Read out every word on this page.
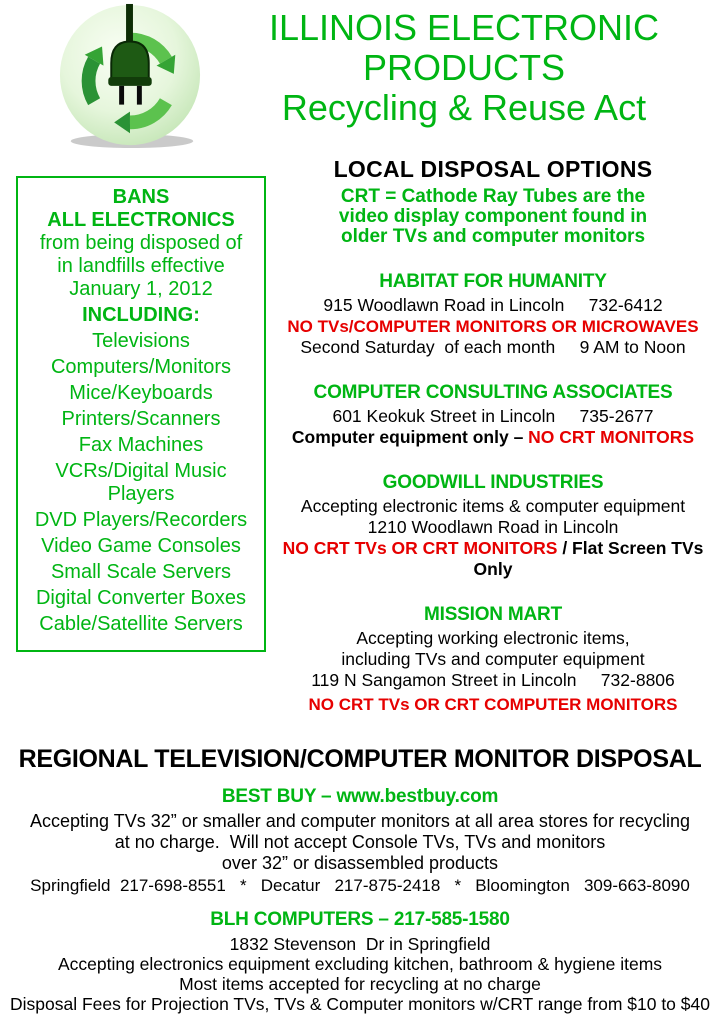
ILLINOIS ELECTRONIC
PRODUCTS
Recycling & Reuse Act
BANS
ALL ELECTRONICS
from being disposed of
in landfills effective
January 1, 2012
INCLUDING:
Televisions
Computers/Monitors
Mice/Keyboards
Printers/Scanners
Fax Machines
VCRs/Digital Music Players
DVD Players/Recorders
Video Game Consoles
Small Scale Servers
Digital Converter Boxes
Cable/Satellite Servers
LOCAL DISPOSAL OPTIONS
CRT = Cathode Ray Tubes are the
video display component found in
older TVs and computer monitors
HABITAT FOR HUMANITY
915 Woodlawn Road in Lincoln     732-6412
NO TVs/COMPUTER MONITORS OR MICROWAVES
Second Saturday  of each month     9 AM to Noon
COMPUTER CONSULTING ASSOCIATES
601 Keokuk Street in Lincoln     735-2677
Computer equipment only – NO CRT MONITORS
GOODWILL INDUSTRIES
Accepting electronic items & computer equipment
1210 Woodlawn Road in Lincoln
NO CRT TVs OR CRT MONITORS / Flat Screen TVs Only
MISSION MART
Accepting working electronic items,
including TVs and computer equipment
119 N Sangamon Street in Lincoln     732-8806
NO CRT TVs OR CRT COMPUTER MONITORS
REGIONAL TELEVISION/COMPUTER MONITOR DISPOSAL
BEST BUY – www.bestbuy.com
Accepting TVs 32” or smaller and computer monitors at all area stores for recycling
at no charge.  Will not accept Console TVs, TVs and monitors
over 32” or disassembled products
Springfield  217-698-8551   *   Decatur   217-875-2418   *   Bloomington   309-663-8090
BLH COMPUTERS – 217-585-1580
1832 Stevenson  Dr in Springfield
Accepting electronics equipment excluding kitchen, bathroom & hygiene items
Most items accepted for recycling at no charge
Disposal Fees for Projection TVs, TVs & Computer monitors w/CRT range from $10 to $40
